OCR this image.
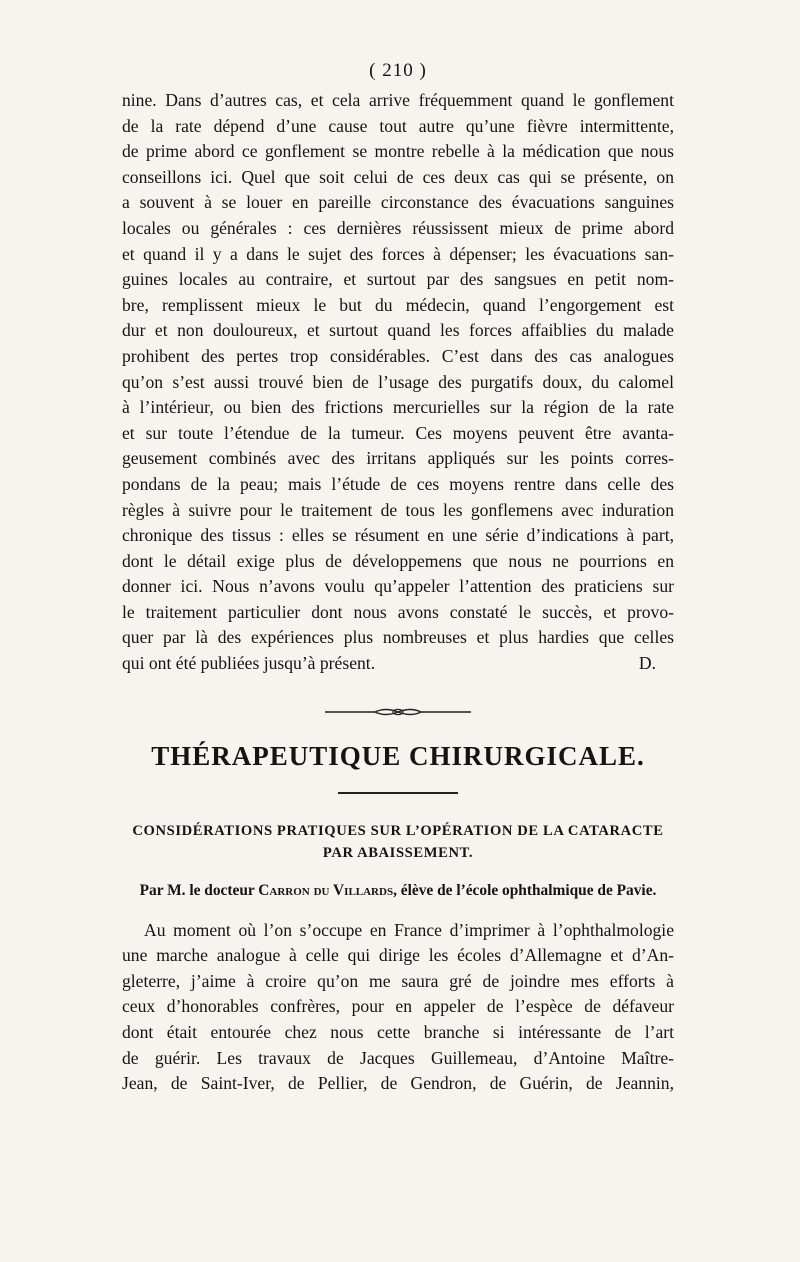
( 210 )

nine. Dans d’autres cas, et cela arrive fréquemment quand le gonflement

de la rate dépend d’une cause tout autre qu’une fièvre intermittente,

de prime abord ce gonflement se montre rebelle à la médication que nous

conseillons ici. Quel que soit celui de ces deux cas qui se présente, on

a souvent à se louer en pareille circonstance des évacuations sanguines

locales ou générales : ces dernières réussissent mieux de prime abord

et quand il y a dans le sujet des forces à dépenser; les évacuations san-

guines locales au contraire, et surtout par des sangsues en petit nom-

bre, remplissent mieux le but du médecin, quand l’engorgement est

dur et non douloureux, et surtout quand les forces affaiblies du malade

prohibent des pertes trop considérables. C’est dans des cas analogues

qu’on s’est aussi trouvé bien de l’usage des purgatifs doux, du calomel

à l’intérieur, ou bien des frictions mercurielles sur la région de la rate

et sur toute l’étendue de la tumeur. Ces moyens peuvent être avanta-

geusement combinés avec des irritans appliqués sur les points corres-

pondans de la peau; mais l’étude de ces moyens rentre dans celle des

règles à suivre pour le traitement de tous les gonflemens avec induration

chronique des tissus : elles se résument en une série d’indications à part,

dont le détail exige plus de développemens que nous ne pourrions en

donner ici. Nous n’avons voulu qu’appeler l’attention des praticiens sur

le traitement particulier dont nous avons constaté le succès, et provo-

quer par là des expériences plus nombreuses et plus hardies que celles

qui ont été publiées jusqu’à présent.	D.

THÉRAPEUTIQUE CHIRURGICALE.

CONSIDÉRATIONS PRATIQUES SUR L’OPÉRATION DE LA CATARACTE

PAR ABAISSEMENT.

Par M. le docteur Carron du Villards, élève de l’école ophthalmique de Pavie.

Au moment où l’on s’occupe en France d’imprimer à l’ophthalmologie

une marche analogue à celle qui dirige les écoles d’Allemagne et d’An-

gleterre, j’aime à croire qu’on me saura gré de joindre mes efforts à

ceux d’honorables confrères, pour en appeler de l’espèce de défaveur

dont était entourée chez nous cette branche si intéressante de l’art

de guérir. Les travaux de Jacques Guillemeau, d’Antoine Maître-

Jean, de Saint-Iver, de Pellier, de Gendron, de Guérin, de Jeannin,
